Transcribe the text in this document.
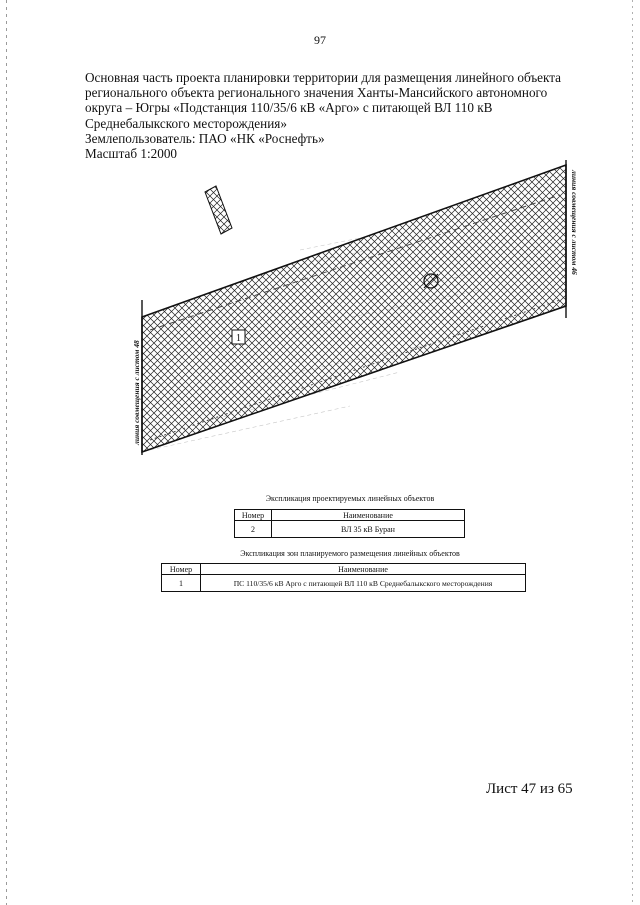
97
Основная часть проекта планировки территории для размещения линейного объекта
регионального объекта регионального значения Ханты-Мансийского автономного
округа – Югры «Подстанция 110/35/6 кВ «Арго» с питающей ВЛ 110 кВ
Среднебалыкского месторождения»
Землепользователь: ПАО «НК «Роснефть»
Масштаб 1:2000
1
линия совмещения с листом 48
линия совмещения с листом 46
Экспликация проектируемых линейных объектов
Номер	Наименование
2	ВЛ 35 кВ Буран
Экспликация зон планируемого размещения линейных объектов
Номер	Наименование
1	ПС 110/35/6 кВ Арго с питающей ВЛ 110 кВ Среднебалыкского месторождения
Лист 47 из 65
